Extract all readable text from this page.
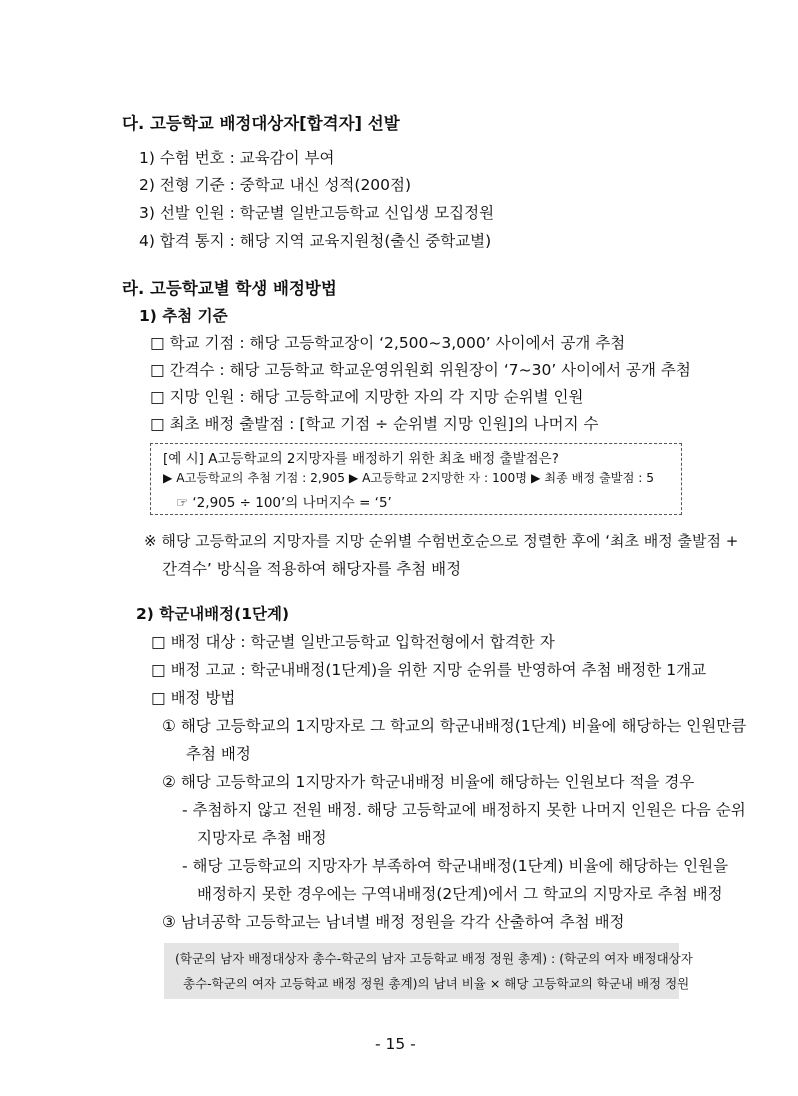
다. 고등학교 배정대상자[합격자] 선발
1) 수험 번호 : 교육감이 부여
2) 전형 기준 : 중학교 내신 성적(200점)
3) 선발 인원 : 학군별 일반고등학교 신입생 모집정원
4) 합격 통지 : 해당 지역 교육지원청(출신 중학교별)
라. 고등학교별 학생 배정방법
1) 추첨 기준
□ 학교 기점 : 해당 고등학교장이 ‘2,500~3,000’ 사이에서 공개 추첨
□ 간격수 : 해당 고등학교 학교운영위원회 위원장이 ‘7~30’ 사이에서 공개 추첨
□ 지망 인원 : 해당 고등학교에 지망한 자의 각 지망 순위별 인원
□ 최초 배정 출발점 : [학교 기점 ÷ 순위별 지망 인원]의 나머지 수
[예 시] A고등학교의 2지망자를 배정하기 위한 최초 배정 출발점은?
▶ A고등학교의 추첨 기점 : 2,905 ▶ A고등학교 2지망한 자 : 100명 ▶ 최종 배정 출발점 : 5
☞ ‘2,905 ÷ 100’의 나머지수 = ‘5’
※ 해당 고등학교의 지망자를 지망 순위별 수험번호순으로 정렬한 후에 ‘최초 배정 출발점 +
간격수’ 방식을 적용하여 해당자를 추첨 배정
2) 학군내배정(1단계)
□ 배정 대상 : 학군별 일반고등학교 입학전형에서 합격한 자
□ 배정 고교 : 학군내배정(1단계)을 위한 지망 순위를 반영하여 추첨 배정한 1개교
□ 배정 방법
① 해당 고등학교의 1지망자로 그 학교의 학군내배정(1단계) 비율에 해당하는 인원만큼
추첨 배정
② 해당 고등학교의 1지망자가 학군내배정 비율에 해당하는 인원보다 적을 경우
- 추첨하지 않고 전원 배정. 해당 고등학교에 배정하지 못한 나머지 인원은 다음 순위
지망자로 추첨 배정
- 해당 고등학교의 지망자가 부족하여 학군내배정(1단계) 비율에 해당하는 인원을
배정하지 못한 경우에는 구역내배정(2단계)에서 그 학교의 지망자로 추첨 배정
③ 남녀공학 고등학교는 남녀별 배정 정원을 각각 산출하여 추첨 배정
(학군의 남자 배정대상자 총수-학군의 남자 고등학교 배정 정원 총계) : (학군의 여자 배정대상자
총수-학군의 여자 고등학교 배정 정원 총계)의 남녀 비율 × 해당 고등학교의 학군내 배정 정원
- 15 -
